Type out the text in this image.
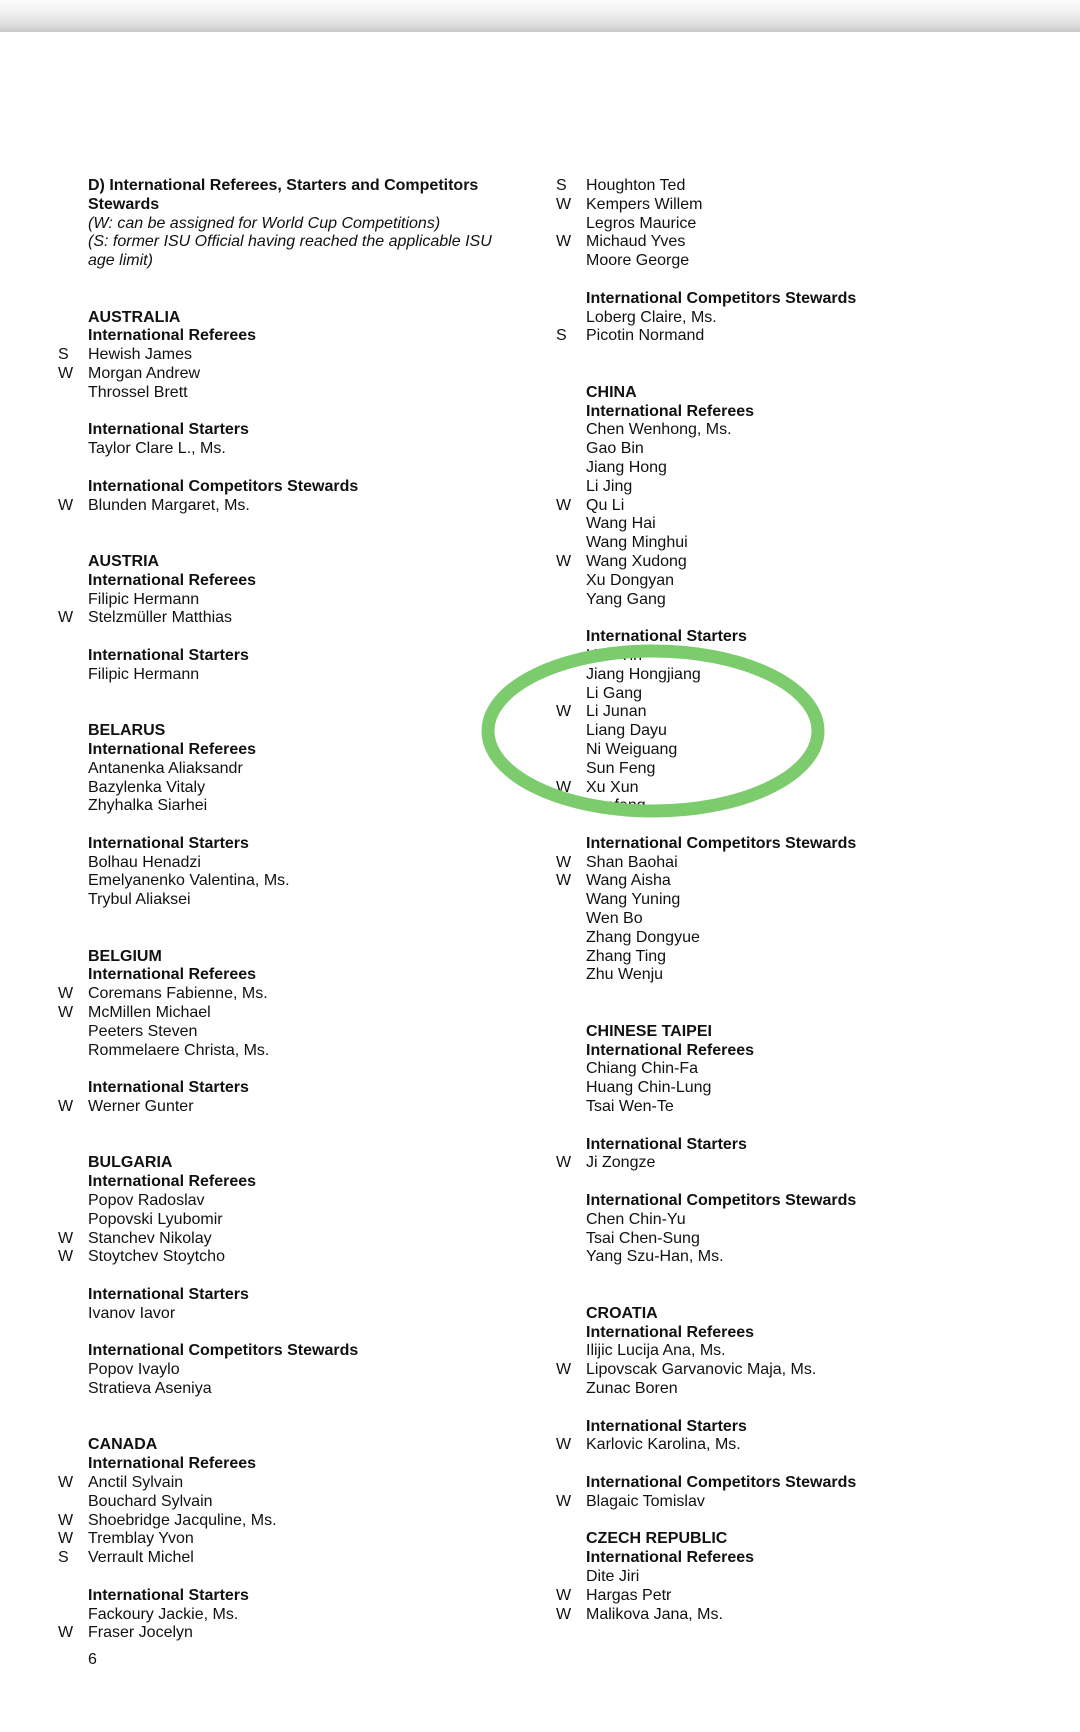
D) International Referees, Starters and Competitors
Stewards
(W: can be assigned for World Cup Competitions)
(S: former ISU Official having reached the applicable ISU
age limit)
AUSTRALIA
International Referees
S	Hewish James
W Morgan Andrew
Throssel Brett
International Starters
Taylor Clare L., Ms.
International Competitors Stewards
W Blunden Margaret, Ms.
AUSTRIA
International Referees
Filipic Hermann
W Stelzmüller Matthias
International Starters
Filipic Hermann
BELARUS
International Referees
Antanenka Aliaksandr
Bazylenka Vitaly
Zhyhalka Siarhei
International Starters
Bolhau Henadzi
Emelyanenko Valentina, Ms.
Trybul Aliaksei
BELGIUM
International Referees
W Coremans Fabienne, Ms.
W McMillen Michael
Peeters Steven
Rommelaere Christa, Ms.
International Starters
W Werner Gunter
BULGARIA
International Referees
Popov Radoslav
Popovski Lyubomir
W Stanchev Nikolay
W Stoytchev Stoytcho
International Starters
Ivanov Iavor
International Competitors Stewards
Popov Ivaylo
Stratieva Aseniya
CANADA
International Referees
W Anctil Sylvain
Bouchard Sylvain
W Shoebridge Jacquline, Ms.
W Tremblay Yvon
S	Verrault Michel
International Starters
Fackoury Jackie, Ms.
W Fraser Jocelyn
S	Houghton Ted
W Kempers Willem
Legros Maurice
W Michaud Yves
Moore George
International Competitors Stewards
Loberg Claire, Ms.
S	Picotin Normand
CHINA
International Referees
Chen Wenhong, Ms.
Gao Bin
Jiang Hong
Li Jing
W Qu Li
Wang Hai
Wang Minghui
W Wang Xudong
Xu Dongyan
Yang Gang
International Starters
Huo Yin
Jiang Hongjiang
Li Gang
W Li Junan
Liang Dayu
Ni Weiguang
Sun Feng
W Xu Xun
Baofeng
International Competitors Stewards
W Shan Baohai
W Wang Aisha
Wang Yuning
Wen Bo
Zhang Dongyue
Zhang Ting
Zhu Wenju
CHINESE TAIPEI
International Referees
Chiang Chin-Fa
Huang Chin-Lung
Tsai Wen-Te
International Starters
W Ji Zongze
International Competitors Stewards
Chen Chin-Yu
Tsai Chen-Sung
Yang Szu-Han, Ms.
CROATIA
International Referees
Ilijic Lucija Ana, Ms.
W Lipovscak Garvanovic Maja, Ms.
Zunac Boren
International Starters
W Karlovic Karolina, Ms.
International Competitors Stewards
W Blagaic Tomislav
CZECH REPUBLIC
International Referees
Dite Jiri
W Hargas Petr
W Malikova Jana, Ms.
6
